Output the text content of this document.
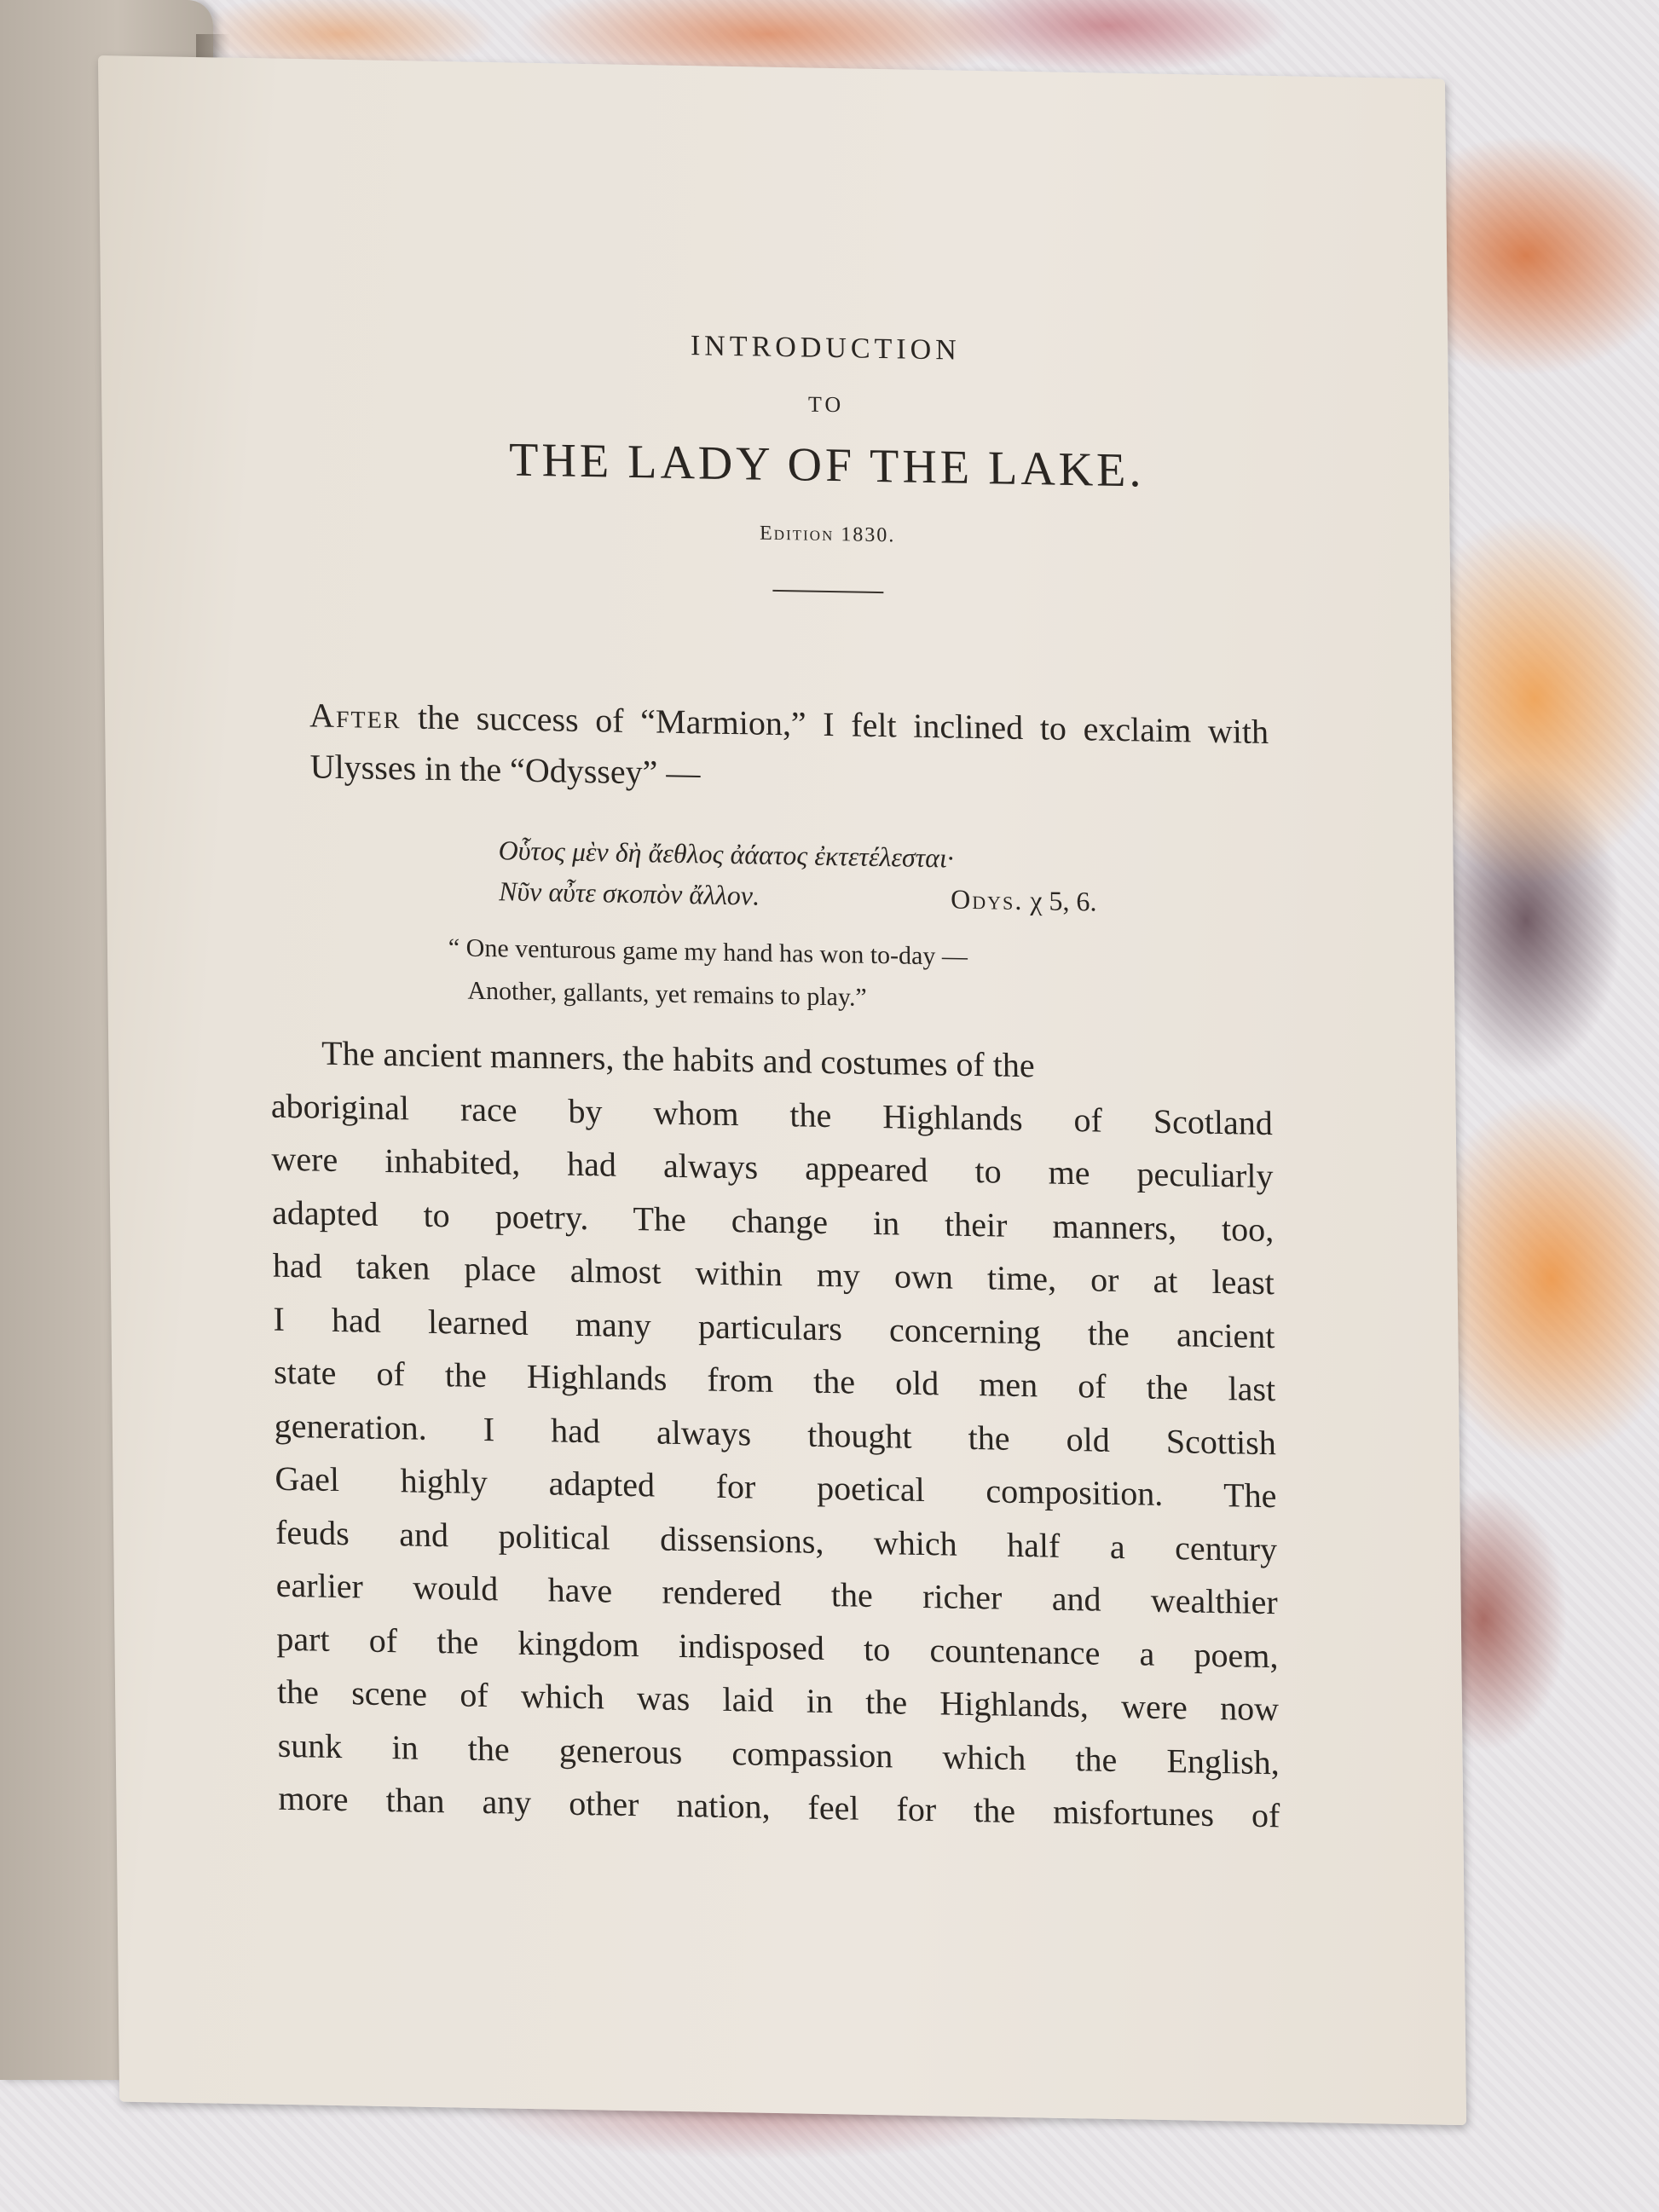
INTRODUCTION
TO
THE LADY OF THE LAKE.
Edition 1830.
After the success of “Marmion,” I felt inclined to exclaim with Ulysses in the “Odyssey” —
Οὗτος μὲν δὴ ἄεθλος ἀάατος ἐκτετέλεσται·
Νῦν αὖτε σκοπὸν ἄλλον.	Odys. χ 5, 6.
“ One venturous game my hand has won to-day —
Another, gallants, yet remains to play.”
The ancient manners, the habits and costumes of the
aboriginal race by whom the Highlands of Scotland
were inhabited, had always appeared to me peculiarly
adapted to poetry. The change in their manners, too,
had taken place almost within my own time, or at least
I had learned many particulars concerning the ancient
state of the Highlands from the old men of the last
generation. I had always thought the old Scottish
Gael highly adapted for poetical composition. The
feuds and political dissensions, which half a century
earlier would have rendered the richer and wealthier
part of the kingdom indisposed to countenance a poem,
the scene of which was laid in the Highlands, were now
sunk in the generous compassion which the English,
more than any other nation, feel for the misfortunes of
